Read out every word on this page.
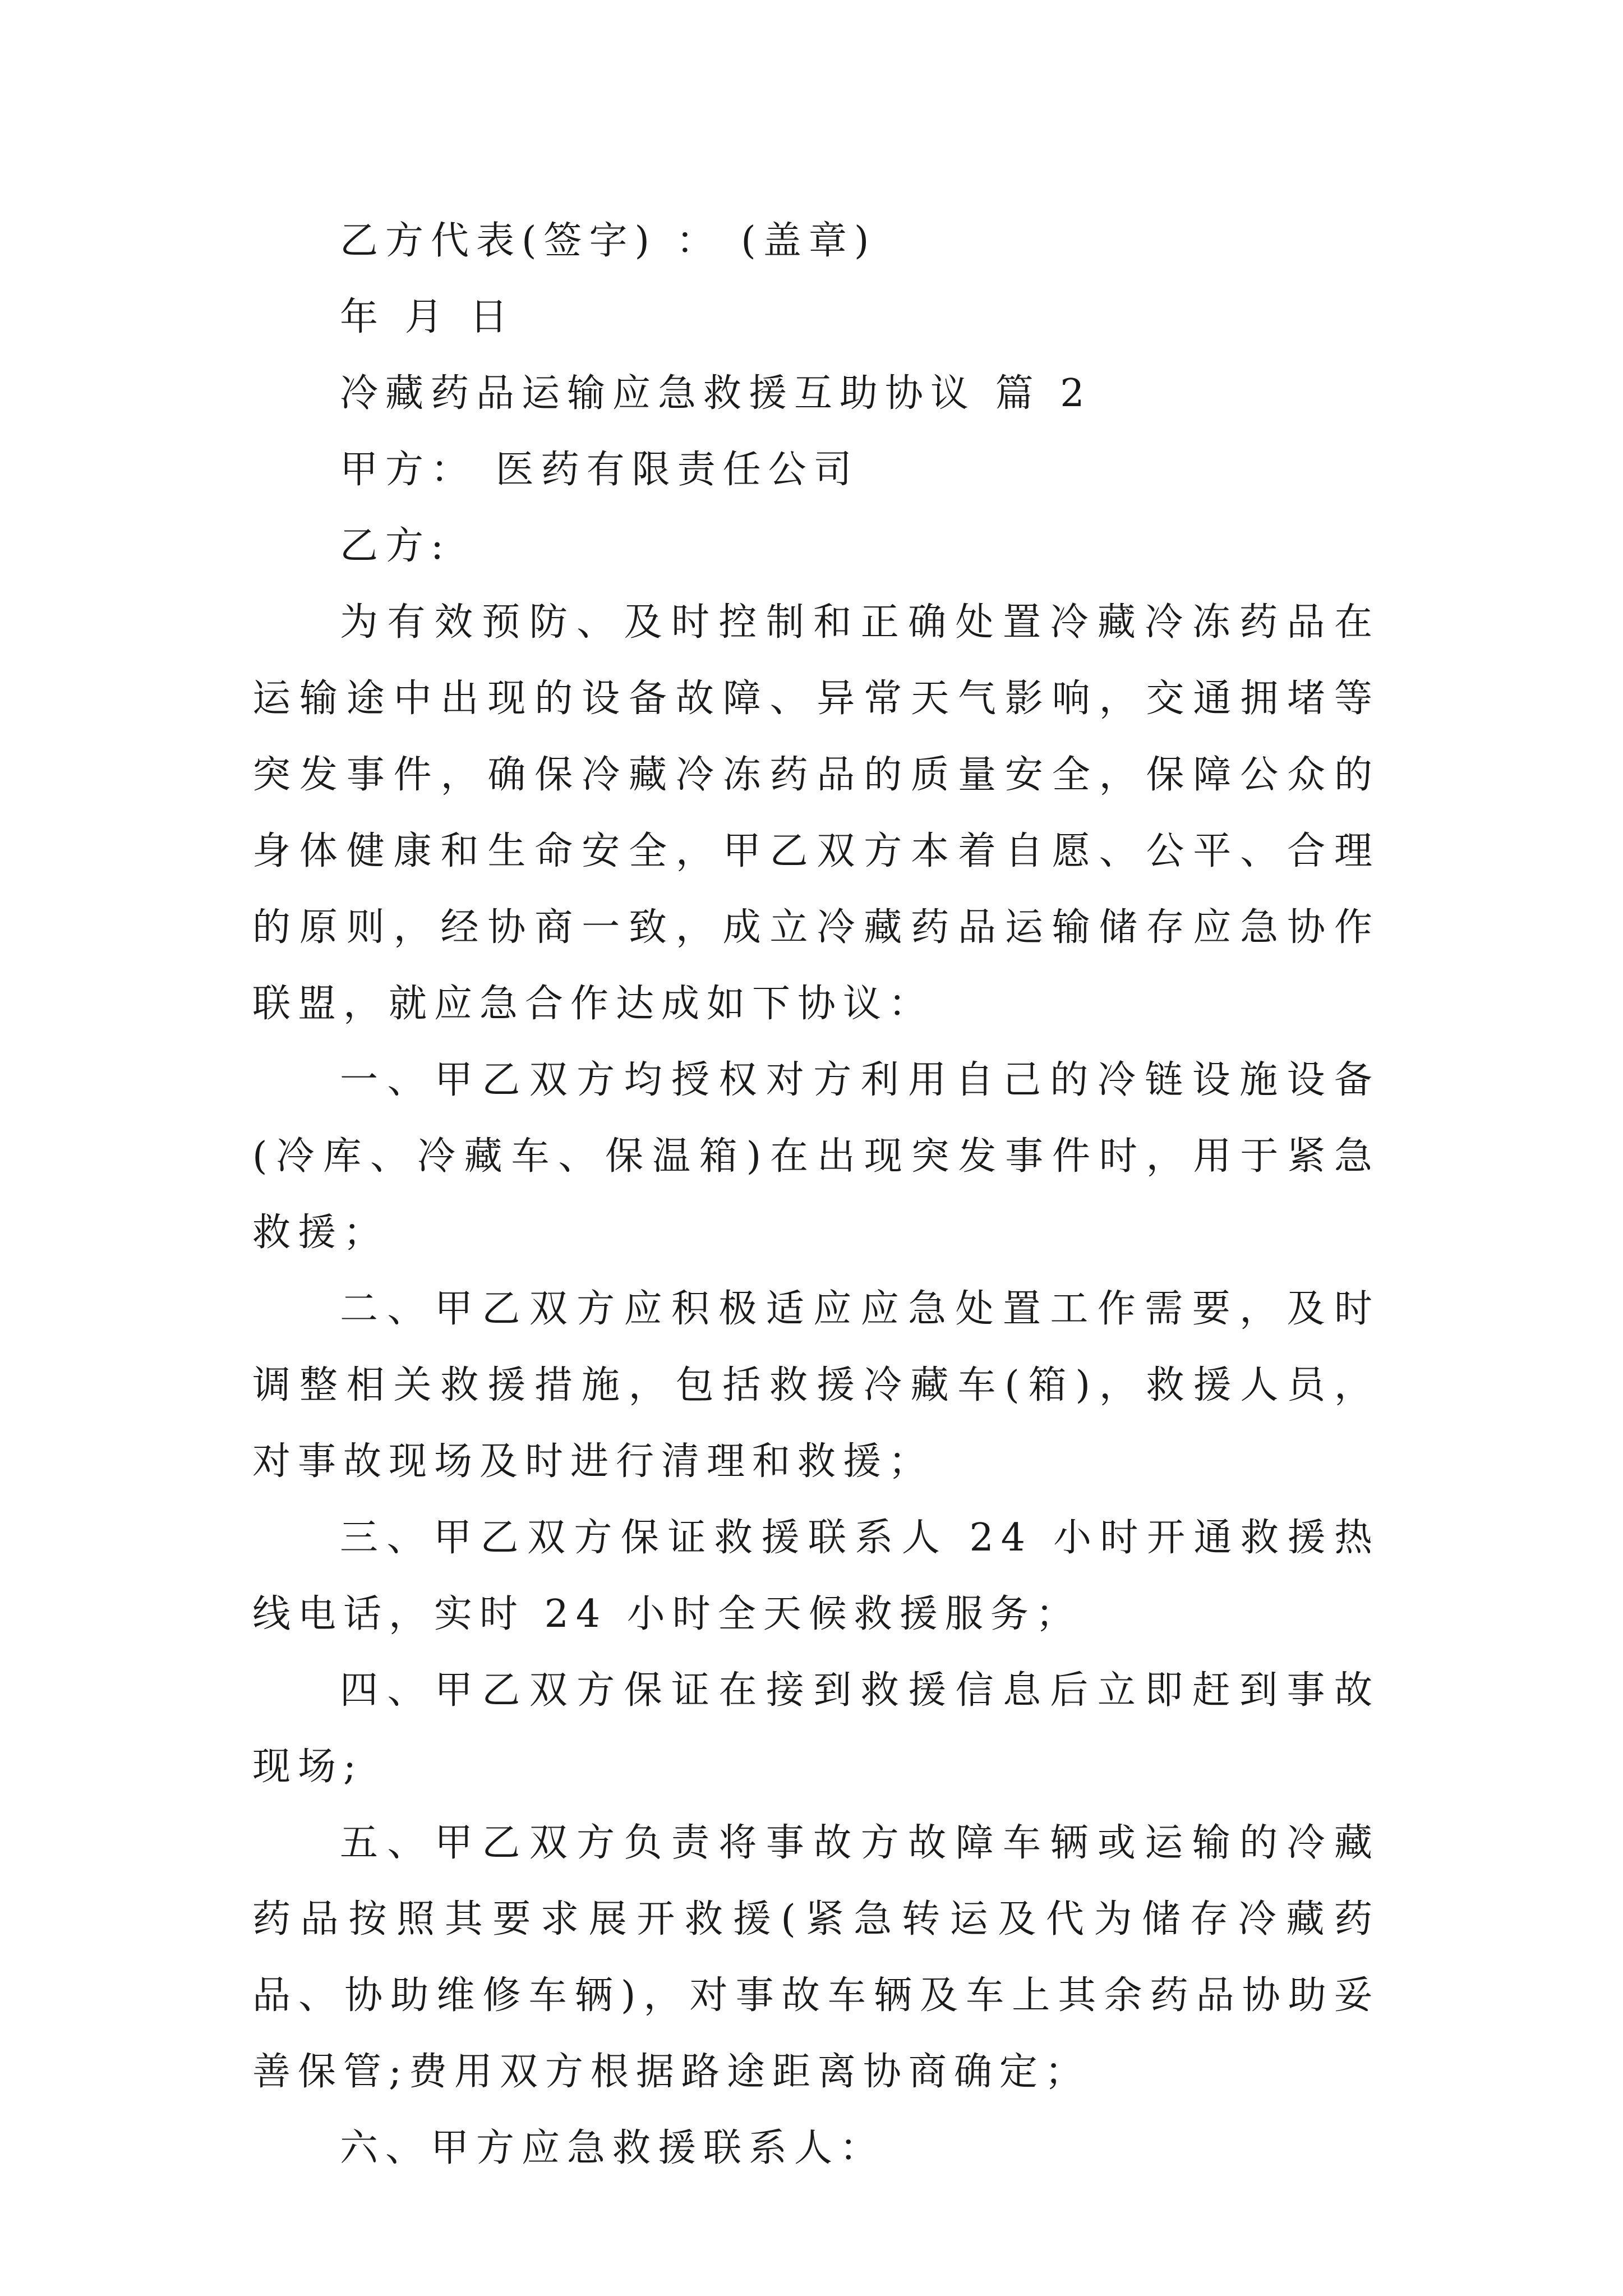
乙方代表(签字) ： (盖章)

年 月 日

冷藏药品运输应急救援互助协议 篇 2

甲方： 医药有限责任公司

乙方:

为有效预防、及时控制和正确处置冷藏冷冻药品在运输途中出现的设备故障、异常天气影响，交通拥堵等突发事件，确保冷藏冷冻药品的质量安全，保障公众的身体健康和生命安全，甲乙双方本着自愿、公平、合理的原则，经协商一致，成立冷藏药品运输储存应急协作联盟，就应急合作达成如下协议：

一、甲乙双方均授权对方利用自己的冷链设施设备(冷库、冷藏车、保温箱)在出现突发事件时，用于紧急救援；

二、甲乙双方应积极适应应急处置工作需要，及时调整相关救援措施，包括救援冷藏车(箱)，救援人员，对事故现场及时进行清理和救援；

三、甲乙双方保证救援联系人 24 小时开通救援热线电话，实时 24 小时全天候救援服务；

四、甲乙双方保证在接到救援信息后立即赶到事故现场;

五、甲乙双方负责将事故方故障车辆或运输的冷藏药品按照其要求展开救援(紧急转运及代为储存冷藏药品、协助维修车辆)，对事故车辆及车上其余药品协助妥善保管;费用双方根据路途距离协商确定；

六、甲方应急救援联系人：
